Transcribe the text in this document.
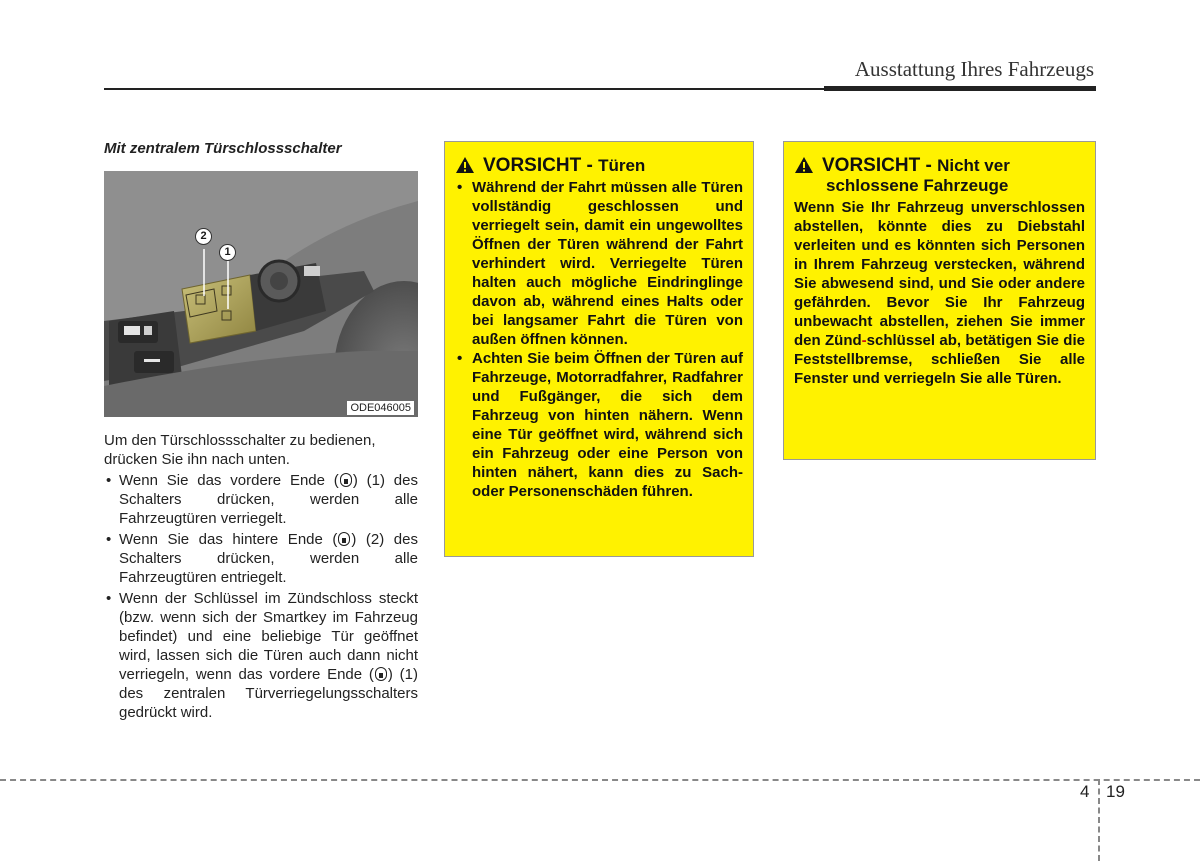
Ausstattung Ihres Fahrzeugs
Mit zentralem Türschlossschalter
2
1
ODE046005

Um den Türschlossschalter zu bedienen, drücken Sie ihn nach unten.

• Wenn Sie das vordere Ende ( ) (1) des Schalters drücken, werden alle Fahrzeugtüren verriegelt.
• Wenn Sie das hintere Ende ( ) (2) des Schalters drücken, werden alle Fahrzeugtüren entriegelt.
• Wenn der Schlüssel im Zündschloss steckt (bzw. wenn sich der Smartkey im Fahrzeug befindet) und eine beliebige Tür geöffnet wird, lassen sich die Türen auch dann nicht verriegeln, wenn das vordere Ende ( ) (1) des zentralen Türverriegelungsschalters gedrückt wird.
VORSICHT - Türen
• Während der Fahrt müssen alle Türen vollständig geschlossen und verriegelt sein, damit ein ungewolltes Öffnen der Türen während der Fahrt verhindert wird. Verriegelte Türen halten auch mögliche Eindringlinge davon ab, während eines Halts oder bei langsamer Fahrt die Türen von außen öffnen können.
• Achten Sie beim Öffnen der Türen auf Fahrzeuge, Motorradfahrer, Radfahrer und Fußgänger, die sich dem Fahrzeug von hinten nähern. Wenn eine Tür geöffnet wird, während sich ein Fahrzeug oder eine Person von hinten nähert, kann dies zu Sach- oder Personenschäden führen.
VORSICHT - Nicht ver
schlossene Fahrzeuge

Wenn Sie Ihr Fahrzeug unverschlossen abstellen, könnte dies zu Diebstahl verleiten und es könnten sich Personen in Ihrem Fahrzeug verstecken, während Sie abwesend sind, und Sie oder andere gefährden. Bevor Sie Ihr Fahrzeug unbewacht abstellen, ziehen Sie immer den Zünd-schlüssel ab, betätigen Sie die Feststellbremse, schließen Sie alle Fenster und verriegeln Sie alle Türen.

4 19
